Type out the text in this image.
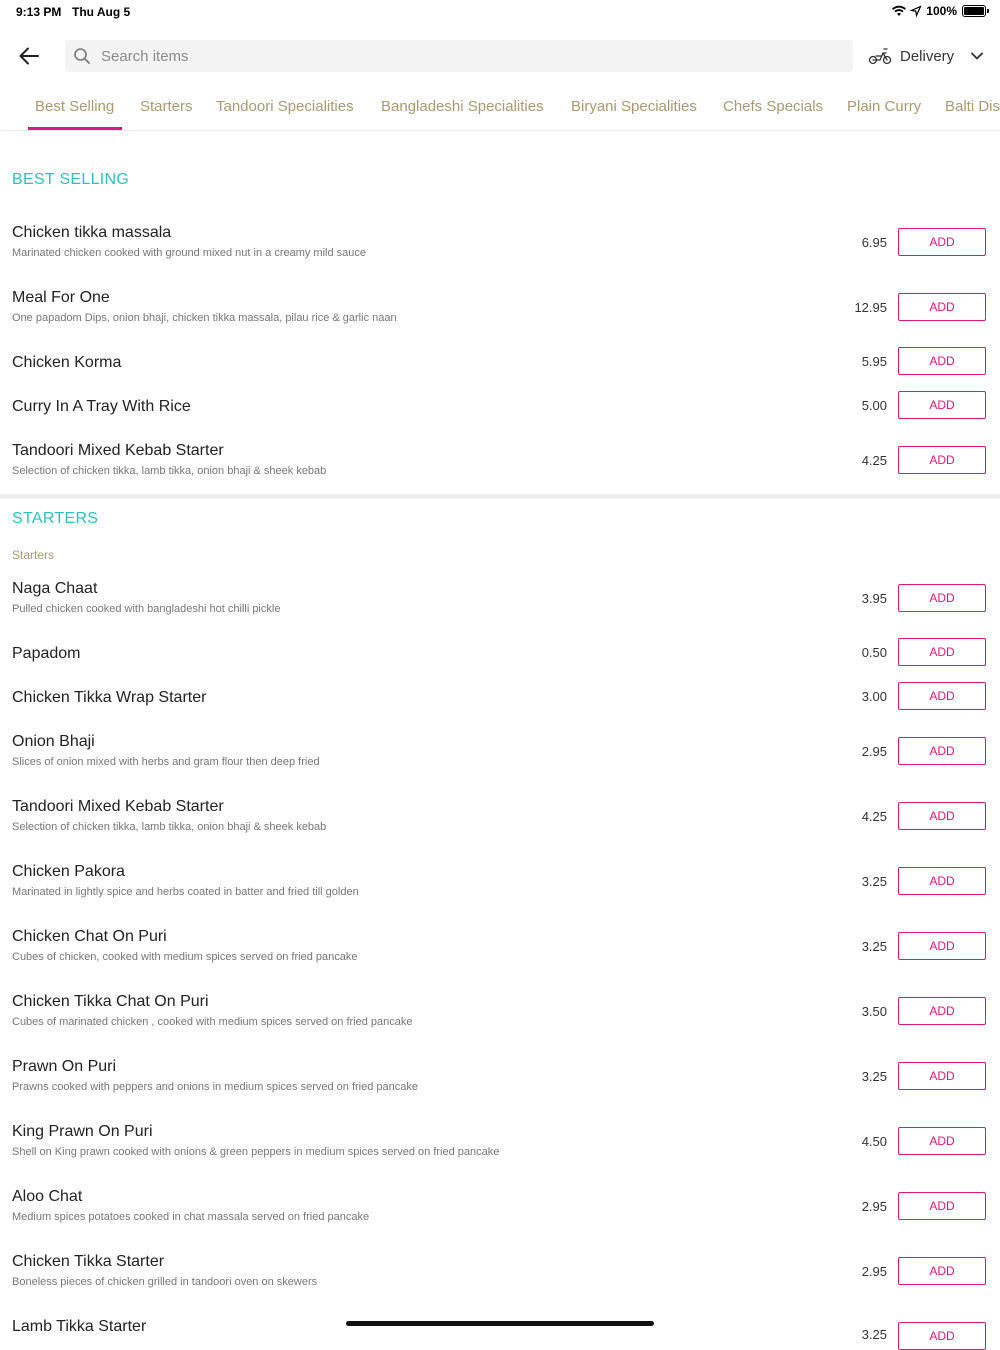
9:13 PM Thu Aug 5	100%
Search items
Delivery
Best Selling Starters Tandoori Specialities Bangladeshi Specialities Biryani Specialities Chefs Specials Plain Curry Balti Dis
BEST SELLING
Chicken tikka massala
Marinated chicken cooked with ground mixed nut in a creamy mild sauce
6.95	ADD
Meal For One
One papadom Dips, onion bhaji, chicken tikka massala, pilau rice & garlic naan
12.95	ADD
Chicken Korma	5.95	ADD
Curry In A Tray With Rice	5.00	ADD
Tandoori Mixed Kebab Starter
Selection of chicken tikka, lamb tikka, onion bhaji & sheek kebab
4.25	ADD
STARTERS
Starters
Naga Chaat
Pulled chicken cooked with bangladeshi hot chilli pickle
3.95	ADD
Papadom	0.50	ADD
Chicken Tikka Wrap Starter	3.00	ADD
Onion Bhaji
Slices of onion mixed with herbs and gram flour then deep fried
2.95	ADD
Tandoori Mixed Kebab Starter
Selection of chicken tikka, lamb tikka, onion bhaji & sheek kebab
4.25	ADD
Chicken Pakora
Marinated in lightly spice and herbs coated in batter and fried till golden
3.25	ADD
Chicken Chat On Puri
Cubes of chicken, cooked with medium spices served on fried pancake
3.25	ADD
Chicken Tikka Chat On Puri
Cubes of marinated chicken , cooked with medium spices served on fried pancake
3.50	ADD
Prawn On Puri
Prawns cooked with peppers and onions in medium spices served on fried pancake
3.25	ADD
King Prawn On Puri
Shell on King prawn cooked with onions & green peppers in medium spices served on fried pancake
4.50	ADD
Aloo Chat
Medium spices potatoes cooked in chat massala served on fried pancake
2.95	ADD
Chicken Tikka Starter
Boneless pieces of chicken grilled in tandoori oven on skewers
2.95	ADD
Lamb Tikka Starter	3.25	ADD
